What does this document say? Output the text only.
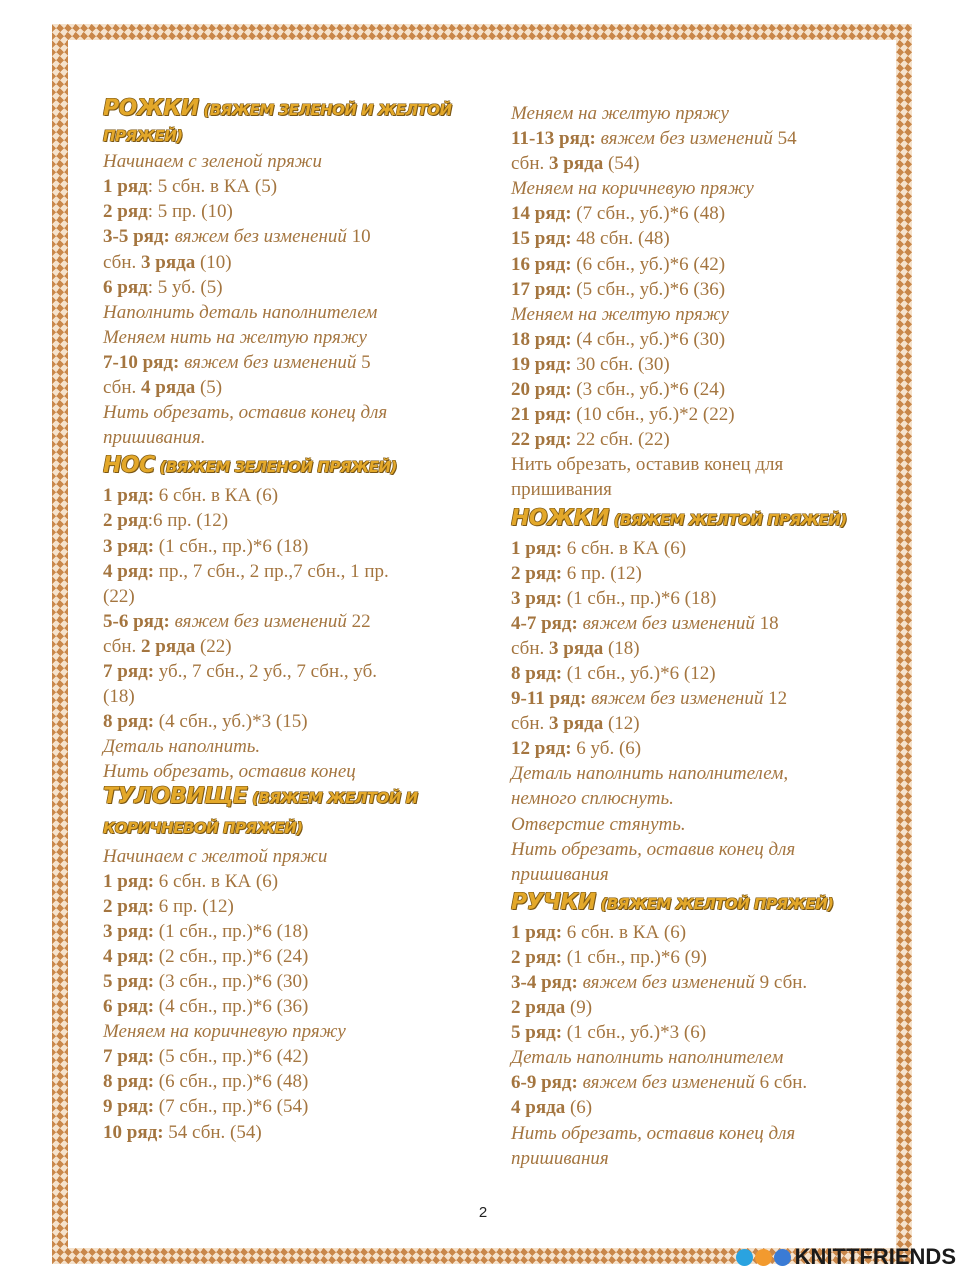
РОЖКИ (ВЯЖЕМ ЗЕЛЕНОЙ И ЖЕЛТОЙ
ПРЯЖЕЙ)
Начинаем с зеленой пряжи
1 ряд: 5 сбн. в КА (5)
2 ряд: 5 пр. (10)
3-5 ряд: вяжем без изменений 10
сбн. 3 ряда (10)
6 ряд: 5 уб. (5)
Наполнить деталь наполнителем
Меняем нить на желтую пряжу
7-10 ряд: вяжем без изменений 5
сбн. 4 ряда (5)
Нить обрезать, оставив конец для
пришивания.
НОС (ВЯЖЕМ ЗЕЛЕНОЙ ПРЯЖЕЙ)
1 ряд: 6 сбн. в КА (6)
2 ряд:6 пр. (12)
3 ряд: (1 сбн., пр.)*6 (18)
4 ряд: пр., 7 сбн., 2 пр.,7 сбн., 1 пр.
(22)
5-6 ряд: вяжем без изменений 22
сбн. 2 ряда (22)
7 ряд: уб., 7 сбн., 2 уб., 7 сбн., уб.
(18)
8 ряд: (4 сбн., уб.)*3 (15)
Деталь наполнить.
Нить обрезать, оставив конец
ТУЛОВИЩЕ (ВЯЖЕМ ЖЕЛТОЙ И
КОРИЧНЕВОЙ ПРЯЖЕЙ)
Начинаем с желтой пряжи
1 ряд: 6 сбн. в КА (6)
2 ряд: 6 пр. (12)
3 ряд: (1 сбн., пр.)*6 (18)
4 ряд: (2 сбн., пр.)*6 (24)
5 ряд: (3 сбн., пр.)*6 (30)
6 ряд: (4 сбн., пр.)*6 (36)
Меняем на коричневую пряжу
7 ряд: (5 сбн., пр.)*6 (42)
8 ряд: (6 сбн., пр.)*6 (48)
9 ряд: (7 сбн., пр.)*6 (54)
10 ряд: 54 сбн. (54)
Меняем на желтую пряжу
11-13 ряд: вяжем без изменений 54
сбн. 3 ряда (54)
Меняем на коричневую пряжу
14 ряд: (7 сбн., уб.)*6 (48)
15 ряд: 48 сбн. (48)
16 ряд: (6 сбн., уб.)*6 (42)
17 ряд: (5 сбн., уб.)*6 (36)
Меняем на желтую пряжу
18 ряд: (4 сбн., уб.)*6 (30)
19 ряд: 30 сбн. (30)
20 ряд: (3 сбн., уб.)*6 (24)
21 ряд: (10 сбн., уб.)*2 (22)
22 ряд: 22 сбн. (22)
Нить обрезать, оставив конец для
пришивания
НОЖКИ (ВЯЖЕМ ЖЕЛТОЙ ПРЯЖЕЙ)
1 ряд: 6 сбн. в КА (6)
2 ряд: 6 пр. (12)
3 ряд: (1 сбн., пр.)*6 (18)
4-7 ряд: вяжем без изменений 18
сбн. 3 ряда (18)
8 ряд: (1 сбн., уб.)*6 (12)
9-11 ряд: вяжем без изменений 12
сбн. 3 ряда (12)
12 ряд: 6 уб. (6)
Деталь наполнить наполнителем,
немного сплюснуть.
Отверстие стянуть.
Нить обрезать, оставив конец для
пришивания
РУЧКИ (ВЯЖЕМ ЖЕЛТОЙ ПРЯЖЕЙ)
1 ряд: 6 сбн. в КА (6)
2 ряд: (1 сбн., пр.)*6 (9)
3-4 ряд: вяжем без изменений 9 сбн.
2 ряда (9)
5 ряд: (1 сбн., уб.)*3 (6)
Деталь наполнить наполнителем
6-9 ряд: вяжем без изменений 6 сбн.
4 ряда (6)
Нить обрезать, оставив конец для
пришивания
2
KNITTFRIENDS
